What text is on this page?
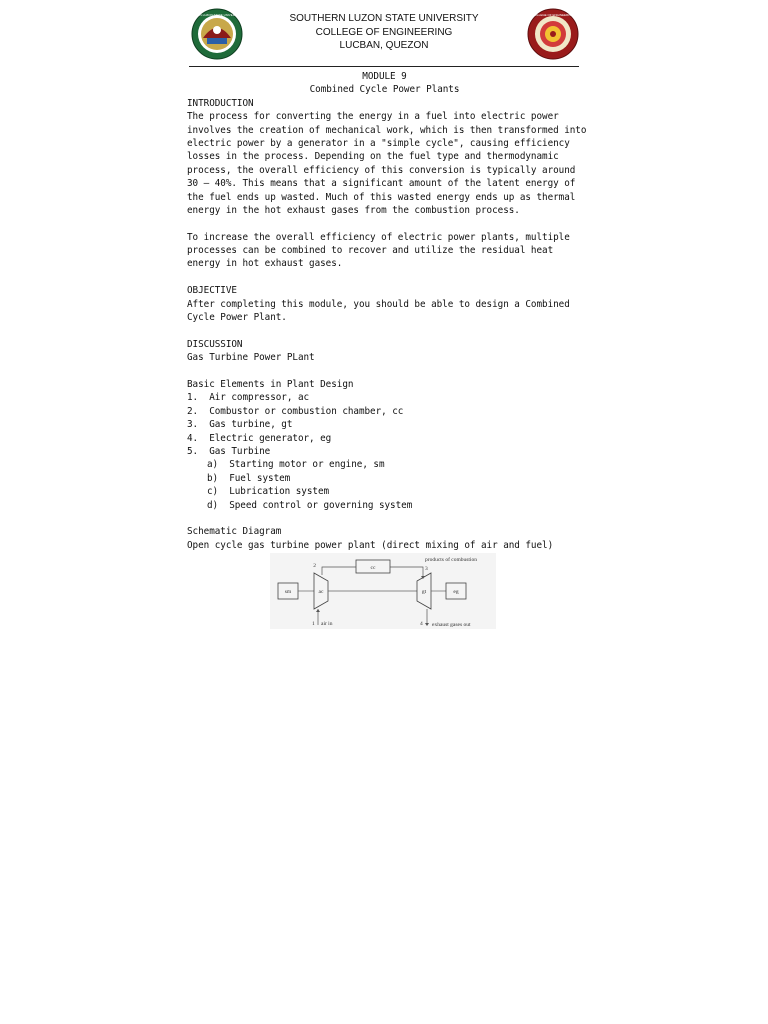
SOUTHERN LUZON STATE UNIVERSITY 1964	SOUTHERN LUZON STATE UNIVERSITY
COLLEGE OF ENGINEERING
LUCBAN, QUEZON
COLLEGE OF ENGINEERING
MODULE 9
Combined Cycle Power Plants
INTRODUCTION
The process for converting the energy in a fuel into electric power
involves the creation of mechanical work, which is then transformed into
electric power by a generator in a "simple cycle", causing efficiency
losses in the process. Depending on the fuel type and thermodynamic
process, the overall efficiency of this conversion is typically around
30 – 40%. This means that a significant amount of the latent energy of
the fuel ends up wasted. Much of this wasted energy ends up as thermal
energy in the hot exhaust gases from the combustion process.
To increase the overall efficiency of electric power plants, multiple
processes can be combined to recover and utilize the residual heat
energy in hot exhaust gases.
OBJECTIVE
After completing this module, you should be able to design a Combined
Cycle Power Plant.
DISCUSSION
Gas Turbine Power PLant
Basic Elements in Plant Design
1.  Air compressor, ac
2.  Combustor or combustion chamber, cc
3.  Gas turbine, gt
4.  Electric generator, eg
5.  Gas Turbine
a)  Starting motor or engine, sm
b)  Fuel system
c)  Lubrication system
d)  Speed control or governing system
Schematic Diagram
Open cycle gas turbine power plant (direct mixing of air and fuel)
sm	ac	gt	eg
cc
products of combustion
2	3
1 air in	4 exhaust gases out
